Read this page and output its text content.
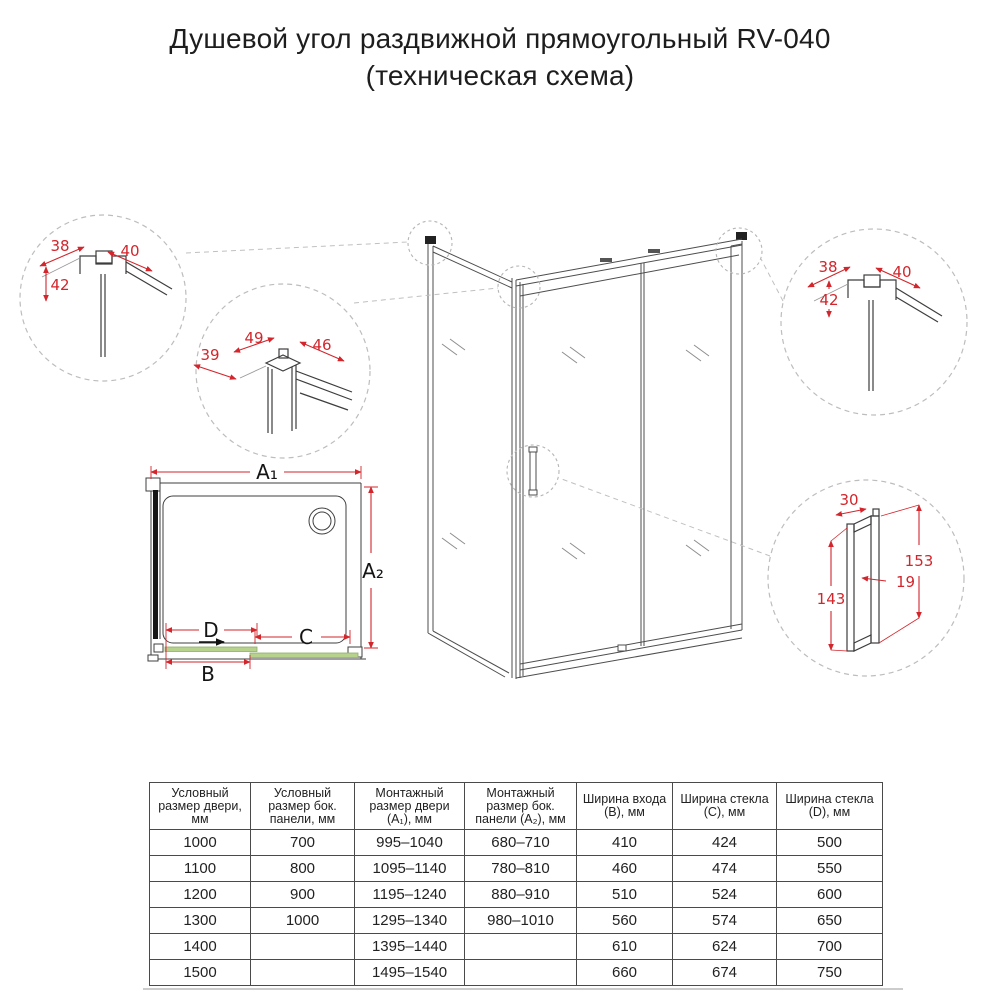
Душевой угол раздвижной прямоугольный RV-040
(техническая схема)
38	40
42
49	46
39
38	40
42
30
153
19
143
A₁
A₂
D	C
B
Условный размер двери, мм	Условный размер бок. панели, мм	Монтажный размер двери (A₁), мм	Монтажный размер бок. панели (A₂), мм	Ширина входа (B), мм	Ширина стекла (C), мм	Ширина стекла (D), мм
1000	700	995–1040	680–710	410	424	500
1100	800	1095–1140	780–810	460	474	550
1200	900	1195–1240	880–910	510	524	600
1300	1000	1295–1340	980–1010	560	574	650
1400		1395–1440		610	624	700
1500		1495–1540		660	674	750
